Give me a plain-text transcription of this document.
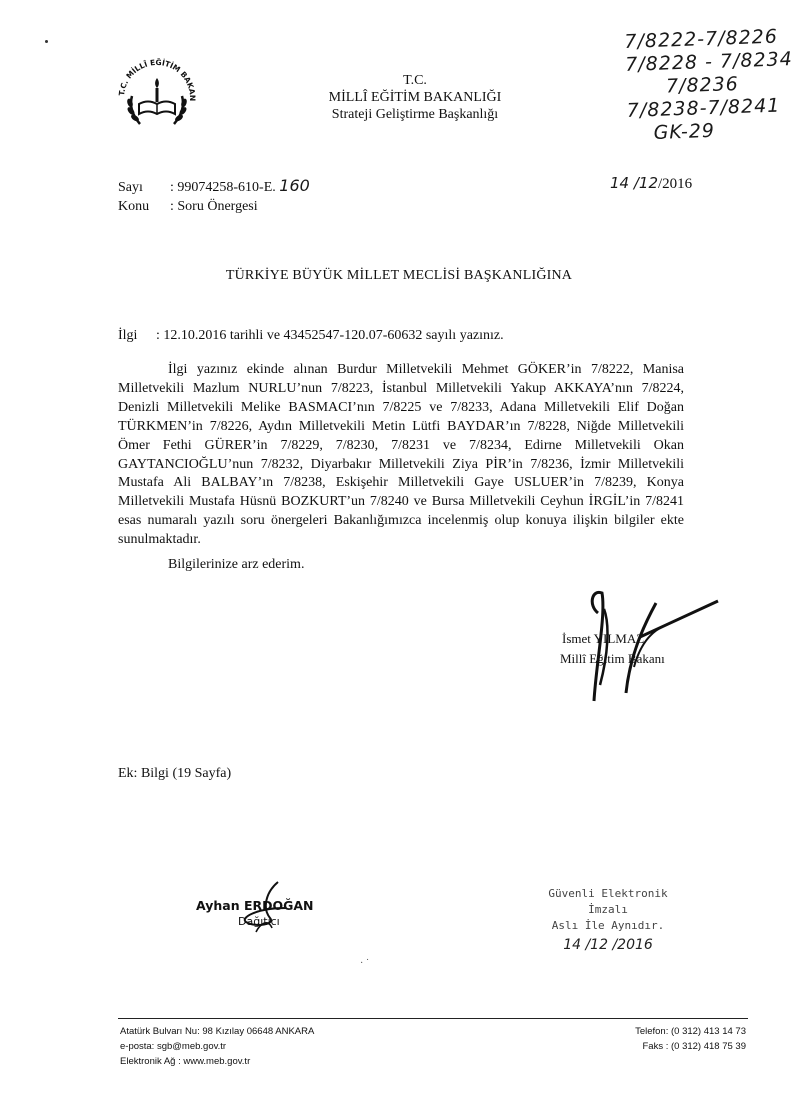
T.C. MİLLÎ EĞİTİM BAKAN
T.C.
MİLLÎ EĞİTİM BAKANLIĞI
Strateji Geliştirme Başkanlığı
7/8222-7/8226
7/8228 - 7/8234
7/8236
7/8238-7/8241
GK-29
Sayı : 99074258-610-E. 160
Konu : Soru Önergesi
14 /12/2016
TÜRKİYE BÜYÜK MİLLET MECLİSİ BAŞKANLIĞINA
İlgi : 12.10.2016 tarihli ve 43452547-120.07-60632 sayılı yazınız.

İlgi yazınız ekinde alınan Burdur Milletvekili Mehmet GÖKER’in 7/8222, Manisa Milletvekili Mazlum NURLU’nun 7/8223, İstanbul Milletvekili Yakup AKKAYA’nın 7/8224, Denizli Milletvekili Melike BASMACI’nın 7/8225 ve 7/8233, Adana Milletvekili Elif Doğan TÜRKMEN’in 7/8226, Aydın Milletvekili Metin Lütfi BAYDAR’ın 7/8228, Niğde Milletvekili Ömer Fethi GÜRER’in 7/8229, 7/8230, 7/8231 ve 7/8234, Edirne Milletvekili Okan GAYTANCIOĞLU’nun 7/8232, Diyarbakır Milletvekili Ziya PİR’in 7/8236, İzmir Milletvekili Mustafa Ali BALBAY’ın 7/8238, Eskişehir Milletvekili Gaye USLUER’in 7/8239, Konya Milletvekili Mustafa Hüsnü BOZKURT’un 7/8240 ve Bursa Milletvekili Ceyhun İRGİL’in 7/8241 esas numaralı yazılı soru önergeleri Bakanlığımızca incelenmiş olup konuya ilişkin bilgiler ekte sunulmaktadır.

Bilgilerinize arz ederim.
İsmet YILMAZ
Millî Eğitim Bakanı
Ek: Bilgi (19 Sayfa)
Ayhan ERDOĞAN
Dağıtıcı
Güvenli Elektronik İmzalı
Aslı İle Aynıdır.
14 /12 /2016
· ˙
Atatürk Bulvarı Nu: 98 Kızılay 06648 ANKARA
e-posta: sgb@meb.gov.tr
Elektronik Ağ : www.meb.gov.tr
Telefon: (0 312) 413 14 73
Faks : (0 312) 418 75 39
